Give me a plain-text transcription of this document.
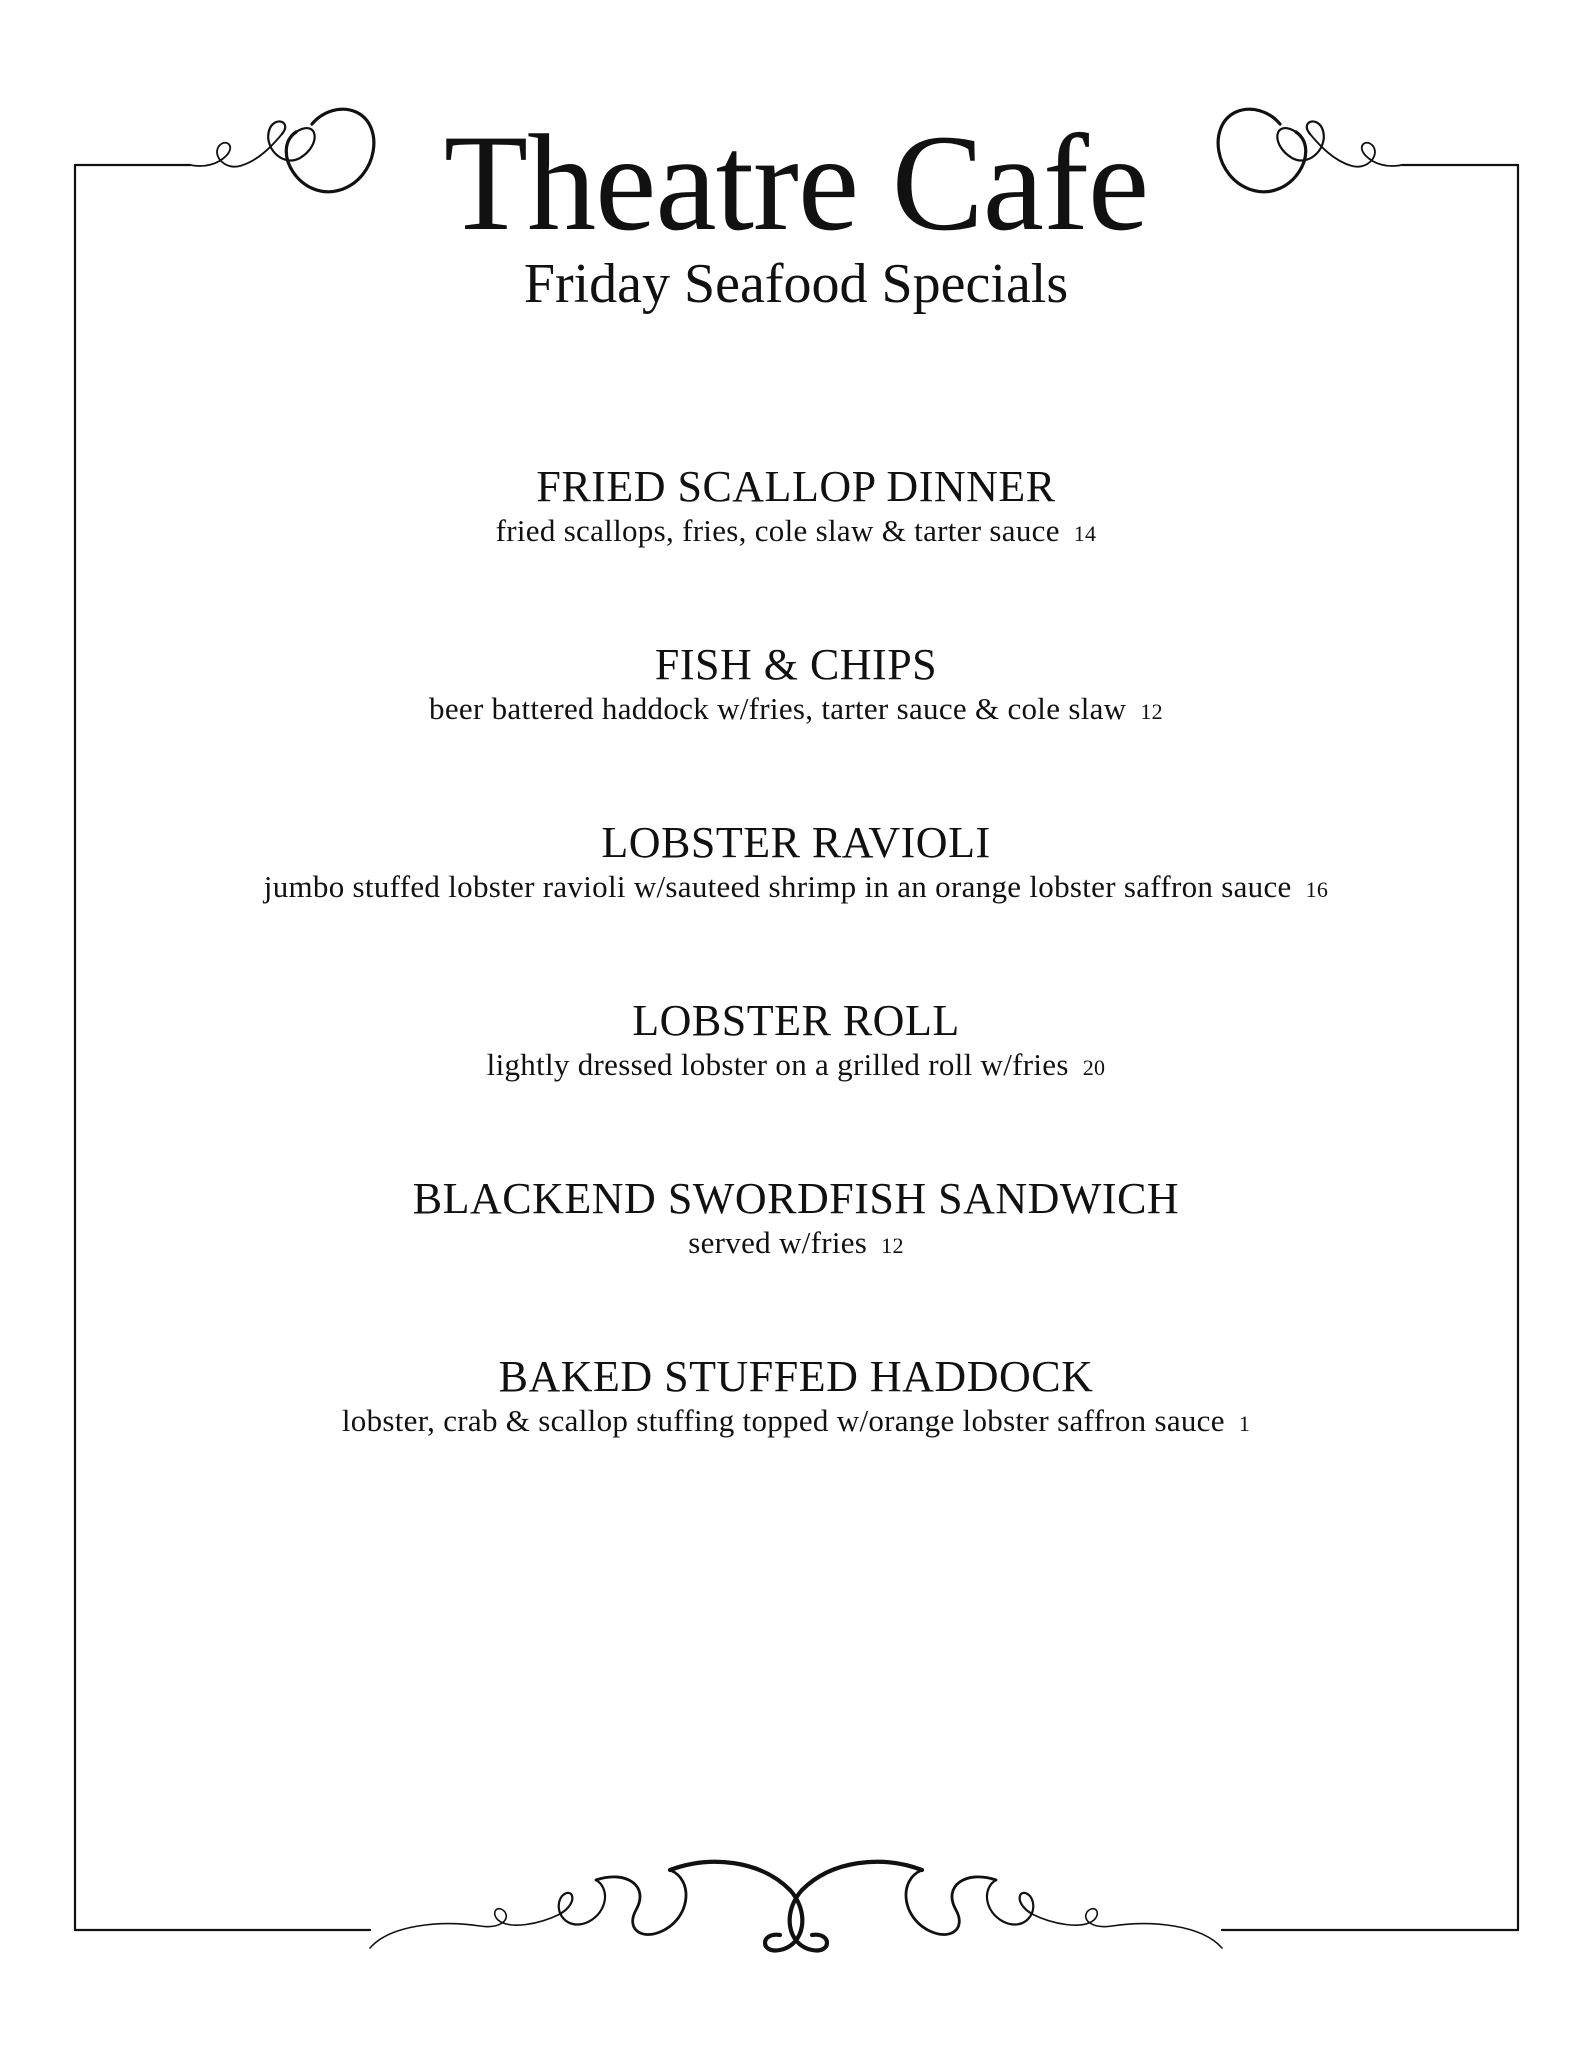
Theatre Cafe
Friday Seafood Specials
FRIED SCALLOP DINNER

fried scallops, fries, cole slaw & tarter sauce 14

FISH & CHIPS

beer battered haddock w/fries, tarter sauce & cole slaw 12

LOBSTER RAVIOLI

jumbo stuffed lobster ravioli w/sauteed shrimp in an orange lobster saffron sauce 16

LOBSTER ROLL

lightly dressed lobster on a grilled roll w/fries 20

BLACKEND SWORDFISH SANDWICH

served w/fries 12

BAKED STUFFED HADDOCK

lobster, crab & scallop stuffing topped w/orange lobster saffron sauce 1
